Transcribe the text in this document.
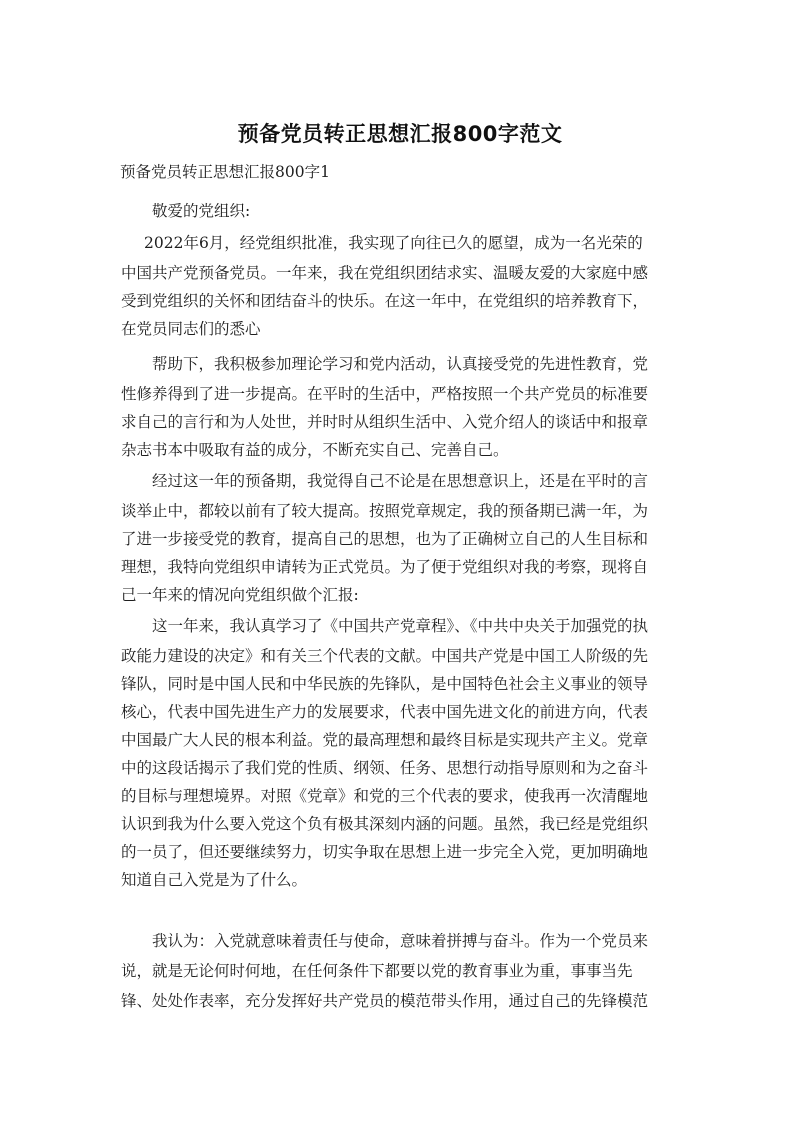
预备党员转正思想汇报800字范文
预备党员转正思想汇报800字1
敬爱的党组织:
2022年6月，经党组织批准，我实现了向往已久的愿望，成为一名光荣的
中国共产党预备党员。一年来，我在党组织团结求实、温暖友爱的大家庭中感
受到党组织的关怀和团结奋斗的快乐。在这一年中，在党组织的培养教育下，
在党员同志们的悉心
帮助下，我积极参加理论学习和党内活动，认真接受党的先进性教育，党
性修养得到了进一步提高。在平时的生活中，严格按照一个共产党员的标准要
求自己的言行和为人处世，并时时从组织生活中、入党介绍人的谈话中和报章
杂志书本中吸取有益的成分，不断充实自己、完善自己。
经过这一年的预备期，我觉得自己不论是在思想意识上，还是在平时的言
谈举止中，都较以前有了较大提高。按照党章规定，我的预备期已满一年，为
了进一步接受党的教育，提高自己的思想，也为了正确树立自己的人生目标和
理想，我特向党组织申请转为正式党员。为了便于党组织对我的考察，现将自
己一年来的情况向党组织做个汇报:
这一年来，我认真学习了《中国共产党章程》、《中共中央关于加强党的执
政能力建设的决定》和有关三个代表的文献。中国共产党是中国工人阶级的先
锋队，同时是中国人民和中华民族的先锋队，是中国特色社会主义事业的领导
核心，代表中国先进生产力的发展要求，代表中国先进文化的前进方向，代表
中国最广大人民的根本利益。党的最高理想和最终目标是实现共产主义。党章
中的这段话揭示了我们党的性质、纲领、任务、思想行动指导原则和为之奋斗
的目标与理想境界。对照《党章》和党的三个代表的要求，使我再一次清醒地
认识到我为什么要入党这个负有极其深刻内涵的问题。虽然，我已经是党组织
的一员了，但还要继续努力，切实争取在思想上进一步完全入党，更加明确地
知道自己入党是为了什么。
我认为：入党就意味着责任与使命，意味着拼搏与奋斗。作为一个党员来
说，就是无论何时何地，在任何条件下都要以党的教育事业为重，事事当先
锋、处处作表率，充分发挥好共产党员的模范带头作用，通过自己的先锋模范
